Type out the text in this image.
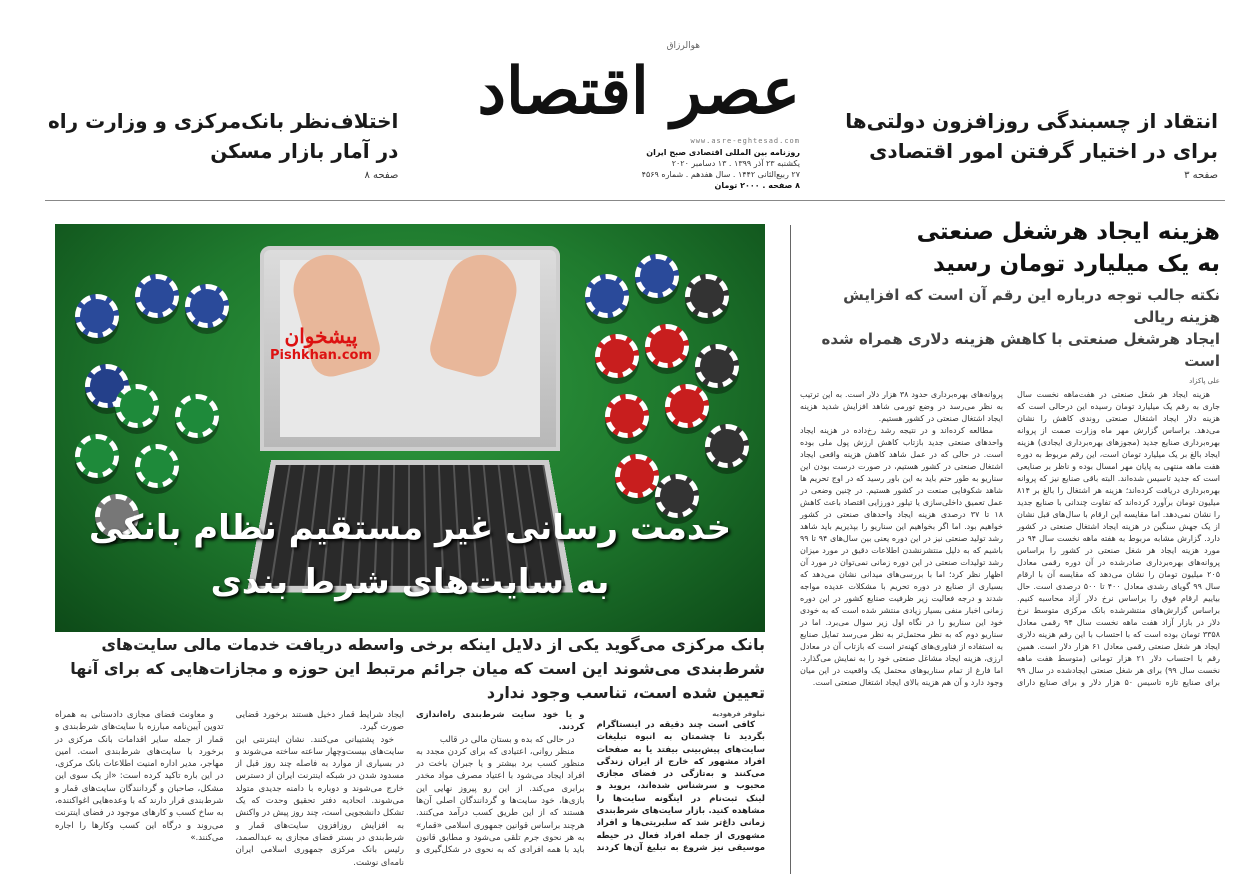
انتقاد از چسبندگی روزافزون دولتی‌ها
برای در اختیار گرفتن امور اقتصادی
صفحه ۳
اختلاف‌نظر بانک‌مرکزی و وزارت راه
در آمار بازار مسکن
صفحه ۸
هوالرزاق
عصر اقتصاد
www.asre-eghtesad.com
روزنامه بین المللی اقتصادی صبح ایران
یکشنبه ۲۳ آذر ۱۳۹۹ . ۱۳ دسامبر ۲۰۲۰
۲۷ ربیع‌الثانی ۱۴۴۲ . سال هفدهم . شماره ۴۵۶۹
۸ صفحه . ۲۰۰۰ تومان
پیشخوان
Pishkhan.com
خدمت رسانی غیر مستقیم نظام بانکی
به سایت‌های شرط بندی
بانک مرکزی می‌گوید یکی از دلایل اینکه برخی واسطه دریافت خدمات مالی سایت‌های شرط‌بندی می‌شوند این است که میان جرائم مرتبط این حوزه و مجازات‌هایی که برای آنها تعیین شده است، تناسب وجود ندارد
نیلوفر فرهودیه

کافی است چند دقیقه در اینستاگرام بگردید تا چشمتان به انبوه تبلیغات سایت‌های پیش‌بینی بیفتد یا به صفحات افراد مشهور که خارج از ایران زندگی می‌کنند و به‌تازگی در فضای مجازی محبوب و سرشناس شده‌اند، بروید و لینک ثبت‌نام در اینگونه سایت‌ها را مشاهده کنید. بازار سایت‌های شرط‌بندی زمانی داغ‌تر شد که سلبریتی‌ها و افراد مشهوری از جمله افراد فعال در حیطه موسیقی نیز شروع به تبلیغ آن‌ها کردند و یا خود سایت شرط‌بندی راه‌اندازی کردند.

در حالی که بده و بستان مالی در قالب

منظر روانی، اعتیادی که برای کردن مجدد به منظور کسب برد بیشتر و یا جبران باخت در افراد ایجاد می‌شود با اعتیاد مصرف مواد مخدر برابری می‌کند. از این رو پیروز نهایی این بازی‌ها، خود سایت‌ها و گردانندگان اصلی آن‌ها هستند که از این طریق کسب درآمد می‌کنند. هرچند براساس قوانین جمهوری اسلامی «قمار» به هر نحوی جرم تلقی می‌شود و مطابق قانون باید با همه افرادی که به نحوی در شکل‌گیری و ایجاد شرایط قمار دخیل هستند برخورد قضایی صورت گیرد.

خود پشتیبانی می‌کنند. نشان اینترنتی این سایت‌های بیست‌وچهار ساعته ساخته می‌شوند و در بسیاری از موارد به فاصله چند روز قبل از مسدود شدن در شبکه اینترنت ایران از دسترس خارج می‌شوند و دوباره با دامنه جدیدی متولد می‌شوند. اتحادیه دفتر تحقیق وحدت که یک تشکل دانشجویی است، چند روز پیش در واکنش به افزایش روزافزون سایت‌های قمار و شرط‌بندی در بستر فضای مجازی به عبدالصمد، رئیس بانک مرکزی جمهوری اسلامی ایران نامه‌ای نوشت.

و معاونت فضای مجازی دادستانی به همراه تدوین آیین‌نامه مبارزه با سایت‌های شرط‌بندی و قمار از جمله سایر اقدامات بانک مرکزی در برخورد با سایت‌های شرط‌بندی است. امین مهاجر، مدیر اداره امنیت اطلاعات بانک مرکزی، در این باره تاکید کرده است: «از یک سوی این مشکل، صاحبان و گردانندگان سایت‌های قمار و شرط‌بندی قرار دارند که با وعده‌هایی اغواکننده، به ساخ کسب و کارهای موجود در فضای اینترنت می‌روند و درگاه این کسب وکارها را اجاره می‌کنند.»

هزینه ایجاد هرشغل صنعتی
به یک میلیارد تومان رسید
نکته جالب توجه درباره این رقم آن است که افزایش هزینه ریالی
ایجاد هرشغل صنعتی با کاهش هزینه دلاری همراه شده است
علی پاکزاد

هزینه ایجاد هر شغل صنعتی در هفت‌ماهه نخست سال جاری به رقم یک میلیارد تومان رسیده این درحالی است که هزینه دلار ایجاد اشتغال صنعتی روندی کاهش را نشان می‌دهد. براساس گزارش مهر ماه وزارت صمت از پروانه بهره‌برداری صنایع جدید (مجوزهای بهره‌برداری ایجادی) هزینه ایجاد بالغ بر یک میلیارد تومان است، این رقم مربوط به دوره هفت ماهه منتهی به پایان مهر امسال بوده و ناظر بر صنایعی است که جدید تاسیس شده‌اند. البته باقی صنایع نیز که پروانه بهره‌برداری دریافت کرده‌اند؛ هزینه هر اشتغال را بالغ بر ۸۱۴ میلیون تومان برآورد کرده‌اند که تفاوت چندانی با صنایع جدید را نشان نمی‌دهد. اما مقایسه این ارقام با سال‌های قبل نشان از یک جهش سنگین در هزینه ایجاد اشتغال صنعتی در کشور دارد. گزارش مشابه مربوط به هفته ماهه نخست سال ۹۴ در مورد هزینه ایجاد هر شغل صنعتی در کشور را براساس پروانه‌های بهره‌برداری صادرشده در آن دوره رقمی معادل ۲۰۵ میلیون تومان را نشان می‌دهد که مقایسه آن با ارقام سال ۹۹ گویای رشدی معادل ۴۰۰ تا ۵۰۰ درصدی است. حال بیاییم ارقام فوق را براساس نرخ دلار آزاد محاسبه کنیم. براساس گزارش‌های منتشرشده بانک مرکزی متوسط نرخ دلار در بازار آزاد هفت ماهه نخست سال ۹۴ رقمی معادل ۳۳۵۸ تومان بوده است که با احتساب با این رقم هزینه دلاری ایجاد هر شغل صنعتی رقمی معادل ۶۱ هزار دلار است. همین رقم با احتساب دلار ۲۱ هزار تومانی (متوسط هفت ماهه نخست سال ۹۹) برای هر شغل صنعتی ایجادشده در سال ۹۹ برای صنایع تازه تاسیس ۵۰ هزار دلار و برای صنایع دارای پروانه‌های بهره‌برداری حدود ۳۸ هزار دلار است. به این ترتیب به نظر می‌رسد در وضع تورمی شاهد افزایش شدید هزینه ایجاد اشتغال صنعتی در کشور هستیم.

مطالعه کرده‌اند و در نتیجه رشد رخ‌داده در هزینه ایجاد واحدهای صنعتی جدید بازتاب کاهش ارزش پول ملی بوده است. در حالی که در عمل شاهد کاهش هزینه واقعی ایجاد اشتغال صنعتی در کشور هستیم، در صورت درست بودن این سناریو به طور حتم باید به این باور رسید که در اوج تحریم ها شاهد شکوفایی صنعت در کشور هستیم. در چنین وضعی در عمل تعمیق داخلی‌سازی یا تیلور دورزایی اقتصاد باعث کاهش ۱۸ تا ۳۷ درصدی هزینه ایجاد واحدهای صنعتی در کشور خواهیم بود. اما اگر بخواهیم این سناریو را بپذیریم باید شاهد رشد تولید صنعتی نیز در این دوره یعنی بین سال‌های ۹۴ تا ۹۹ باشیم که به دلیل منتشرنشدن اطلاعات دقیق در مورد میزان رشد تولیدات صنعتی در این دوره زمانی نمی‌توان در مورد آن اظهار نظر کرد؛ اما با بررسی‌های میدانی نشان می‌دهد که بسیاری از صنایع در دوره تحریم با مشکلات عدیده مواجه شدند و درجه فعالیت زیر ظرفیت صنایع کشور در این دوره زمانی اخبار منفی بسیار زیادی منتشر شده است که به خودی خود این سناریو را در نگاه اول زیر سوال می‌برد. اما در سناریو دوم که به نظر محتمل‌تر به نظر می‌رسد تمایل صنایع به استفاده از فناوری‌های کهنه‌تر است که بازتاب آن در معادل ارزی، هزینه ایجاد مشاغل صنعتی خود را به نمایش می‌گذارد. اما فارغ از تمام سناریوهای محتمل یک واقعیت در این میان وجود دارد و آن هم هزینه بالای ایجاد اشتغال صنعتی است.
